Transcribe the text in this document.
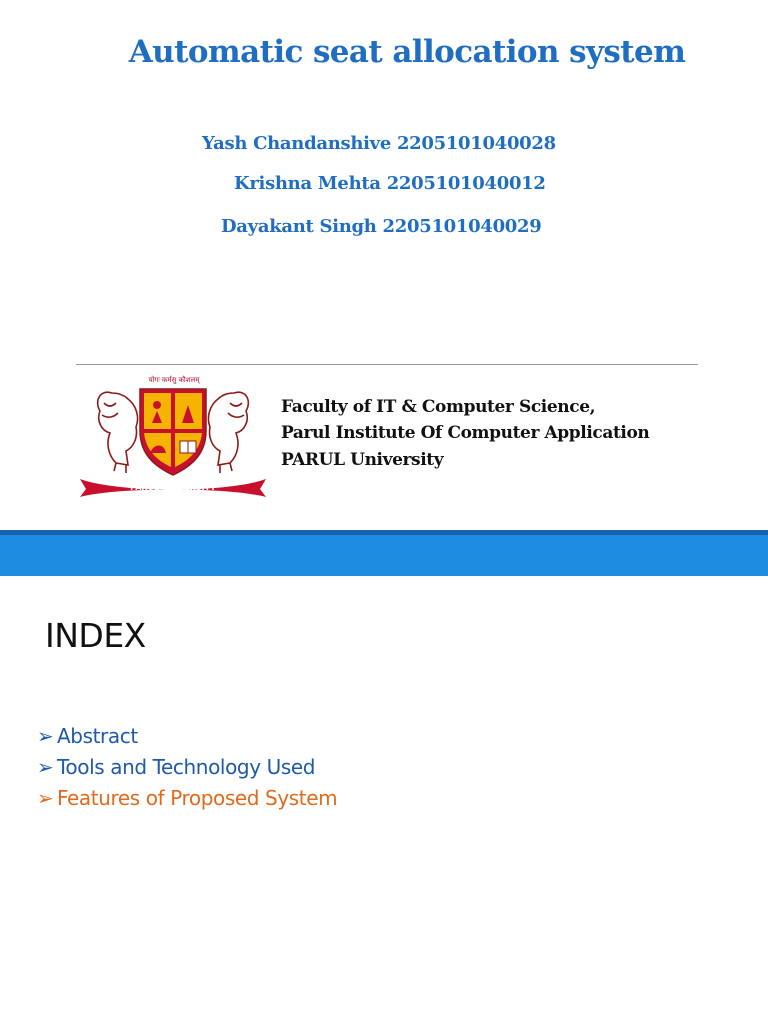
Automatic seat allocation system
Yash Chandanshive 2205101040028
Krishna Mehta 2205101040012
Dayakant Singh 2205101040029
योगः कर्मसु कौशलम्
PARUL UNIVERSITY
Faculty of IT & Computer Science,
Parul Institute Of Computer Application
PARUL University
INDEX
➢ Abstract
➢ Tools and Technology Used
➢ Features of Proposed System
